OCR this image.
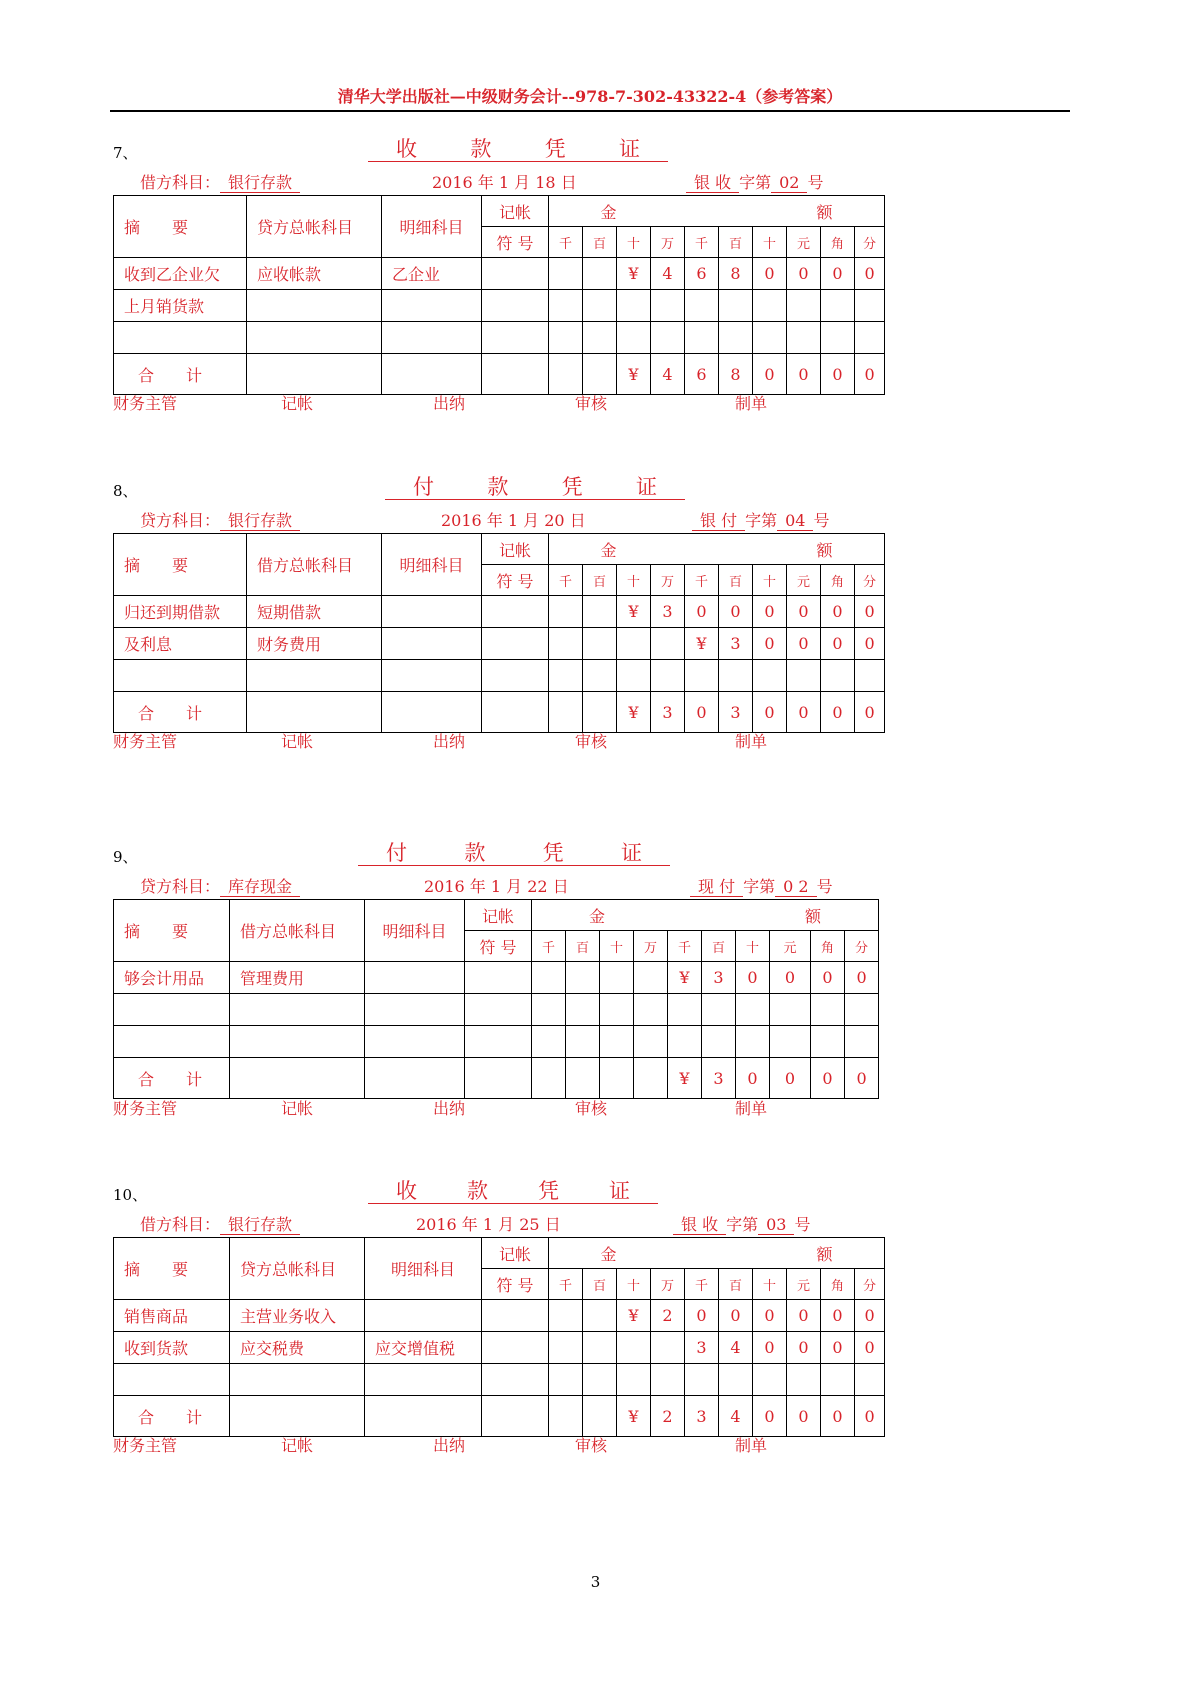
清华大学出版社—中级财务会计--978-7-302-43322-4（参考答案）
7、	收	款	凭	证
借方科目： 银行存款	2016 年 1 月 18 日	银 收 字第 02 号
摘　　要	贷方总帐科目	明细科目	记帐	金 额									
			符 号	千	百	十	万	千	百	十	元	角	分
收到乙企业欠	应收帐款	乙企业				¥	4	6	8	0	0	0	0
上月销货款													

合　　计						¥	4	6	8	0	0	0	0
8、	付	款	凭	证
贷方科目： 银行存款	2016 年 1 月 20 日	银 付 字第 04 号
摘　　要	借方总帐科目	明细科目	记帐	金 额									
			符 号	千	百	十	万	千	百	十	元	角	分
归还到期借款	短期借款					¥	3	0	0	0	0	0	0
及利息	财务费用							¥	3	0	0	0	0

合　　计						¥	3	0	3	0	0	0	0
9、	付	款	凭	证
贷方科目： 库存现金	2016 年 1 月 22 日	现 付 字第 0 2 号
摘　　要	借方总帐科目	明细科目	记帐	金 额									
			符 号	千	百	十	万	千	百	十	元	角	分
够会计用品	管理费用							¥	3	0	0	0	0

合　　计								¥	3	0	0	0	0
10、	收 款 凭 证
借方科目： 银行存款	2016 年 1 月 25 日	银 收 字第 03 号
摘　　要	贷方总帐科目	明细科目	记帐	金 额									
			符 号	千	百	十	万	千	百	十	元	角	分
销售商品	主营业务收入					¥	2	0	0	0	0	0	0
收到货款	应交税费	应交增值税						3	4	0	0	0	0

合　　计						¥	2	3	4	0	0	0	0
3
财务主管	记帐	出纳	审核	制单
财务主管	记帐	出纳	审核	制单
财务主管	记帐	出纳	审核	制单
财务主管	记帐	出纳	审核	制单
